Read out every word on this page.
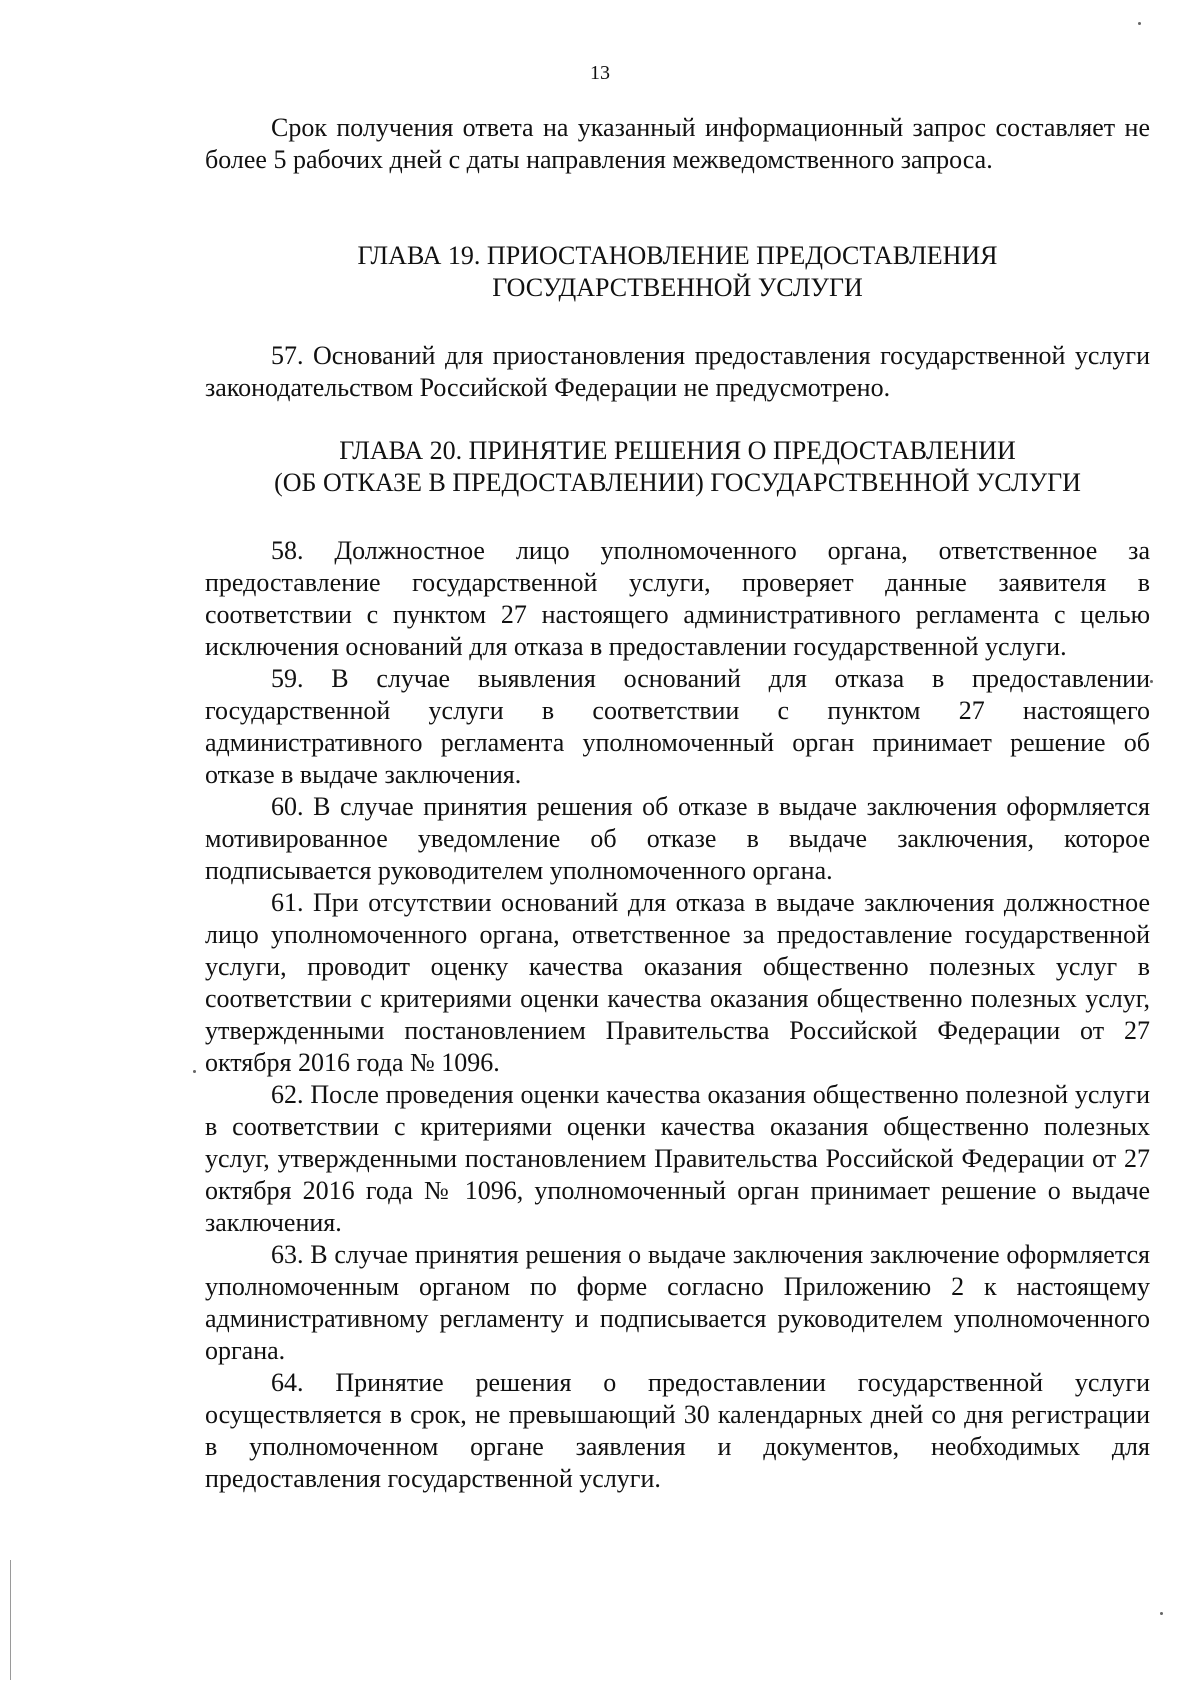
13

Срок получения ответа на указанный информационный запрос составляет не более 5 рабочих дней с даты направления межведомственного запроса.

ГЛАВА 19. ПРИОСТАНОВЛЕНИЕ ПРЕДОСТАВЛЕНИЯ
ГОСУДАРСТВЕННОЙ УСЛУГИ

57. Оснований для приостановления предоставления государственной услуги законодательством Российской Федерации не предусмотрено.

ГЛАВА 20. ПРИНЯТИЕ РЕШЕНИЯ О ПРЕДОСТАВЛЕНИИ
(ОБ ОТКАЗЕ В ПРЕДОСТАВЛЕНИИ) ГОСУДАРСТВЕННОЙ УСЛУГИ

58. Должностное лицо уполномоченного органа, ответственное за предоставление государственной услуги, проверяет данные заявителя в соответствии с пунктом 27 настоящего административного регламента с целью исключения оснований для отказа в предоставлении государственной услуги.

59. В случае выявления оснований для отказа в предоставлении государственной услуги в соответствии с пунктом 27 настоящего административного регламента уполномоченный орган принимает решение об отказе в выдаче заключения.

60. В случае принятия решения об отказе в выдаче заключения оформляется мотивированное уведомление об отказе в выдаче заключения, которое подписывается руководителем уполномоченного органа.

61. При отсутствии оснований для отказа в выдаче заключения должностное лицо уполномоченного органа, ответственное за предоставление государственной услуги, проводит оценку качества оказания общественно полезных услуг в соответствии с критериями оценки качества оказания общественно полезных услуг, утвержденными постановлением Правительства Российской Федерации от 27 октября 2016 года № 1096.

62. После проведения оценки качества оказания общественно полезной услуги в соответствии с критериями оценки качества оказания общественно полезных услуг, утвержденными постановлением Правительства Российской Федерации от 27 октября 2016 года № 1096, уполномоченный орган принимает решение о выдаче заключения.

63. В случае принятия решения о выдаче заключения заключение оформляется уполномоченным органом по форме согласно Приложению 2 к настоящему административному регламенту и подписывается руководителем уполномоченного органа.

64. Принятие решения о предоставлении государственной услуги осуществляется в срок, не превышающий 30 календарных дней со дня регистрации в уполномоченном органе заявления и документов, необходимых для предоставления государственной услуги.
